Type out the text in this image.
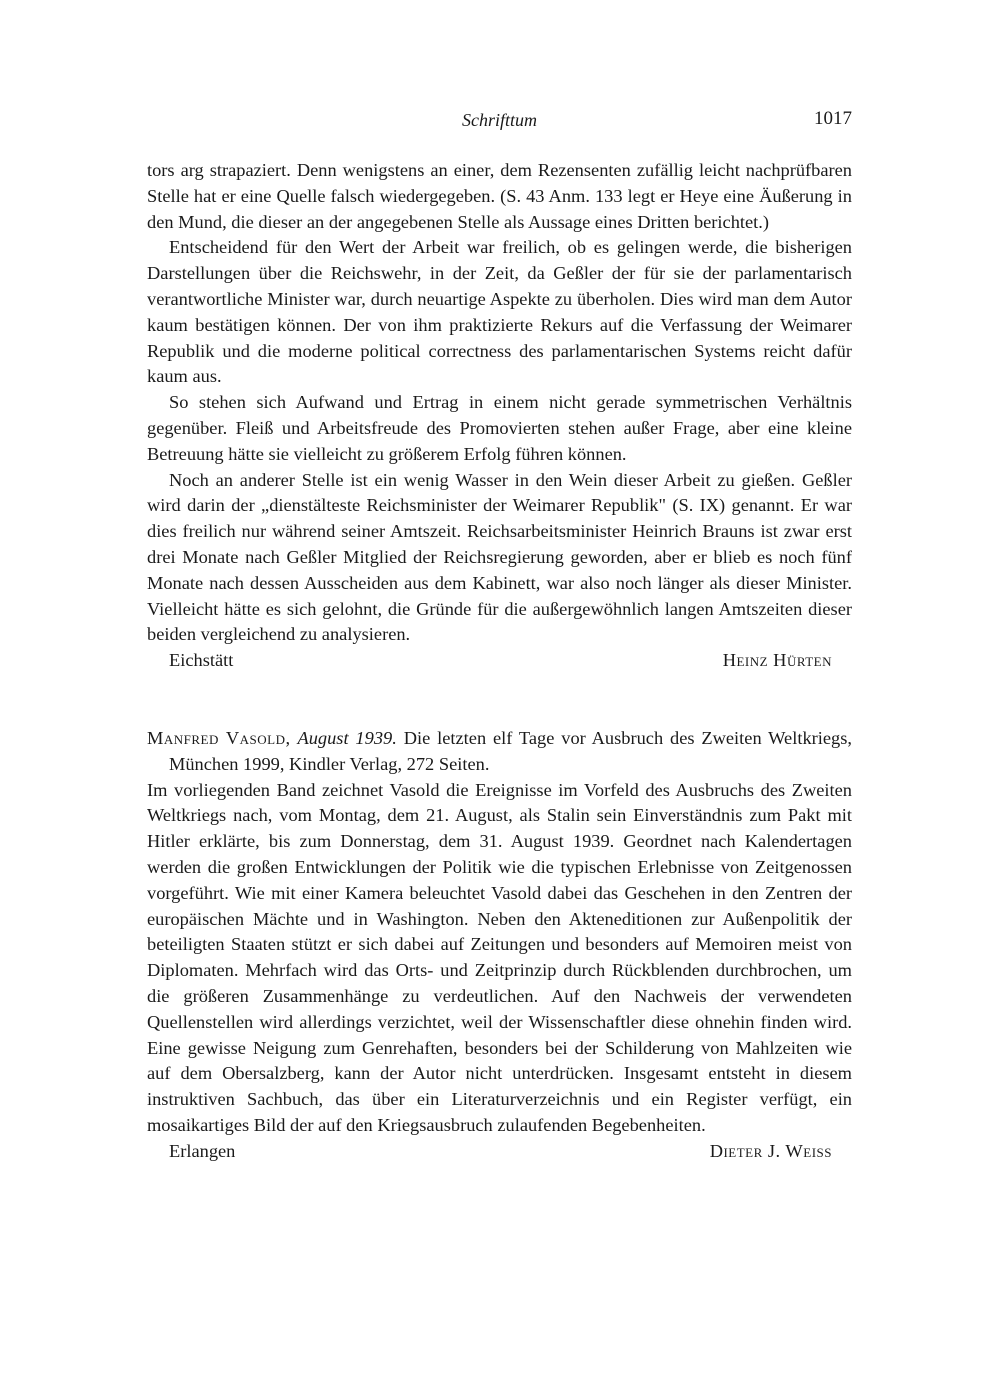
Schrifttum	1017

tors arg strapaziert. Denn wenigstens an einer, dem Rezensenten zufällig leicht nachprüfbaren Stelle hat er eine Quelle falsch wiedergegeben. (S. 43 Anm. 133 legt er Heye eine Äußerung in den Mund, die dieser an der angegebenen Stelle als Aussage eines Dritten berichtet.)

Entscheidend für den Wert der Arbeit war freilich, ob es gelingen werde, die bisherigen Darstellungen über die Reichswehr, in der Zeit, da Geßler der für sie der parlamentarisch verantwortliche Minister war, durch neuartige Aspekte zu überholen. Dies wird man dem Autor kaum bestätigen können. Der von ihm praktizierte Rekurs auf die Verfassung der Weimarer Republik und die moderne political correctness des parlamentarischen Systems reicht dafür kaum aus.

So stehen sich Aufwand und Ertrag in einem nicht gerade symmetrischen Verhältnis gegenüber. Fleiß und Arbeitsfreude des Promovierten stehen außer Frage, aber eine kleine Betreuung hätte sie vielleicht zu größerem Erfolg führen können.

Noch an anderer Stelle ist ein wenig Wasser in den Wein dieser Arbeit zu gießen. Geßler wird darin der „dienstälteste Reichsminister der Weimarer Republik" (S. IX) genannt. Er war dies freilich nur während seiner Amtszeit. Reichsarbeitsminister Heinrich Brauns ist zwar erst drei Monate nach Geßler Mitglied der Reichsregierung geworden, aber er blieb es noch fünf Monate nach dessen Ausscheiden aus dem Kabinett, war also noch länger als dieser Minister. Vielleicht hätte es sich gelohnt, die Gründe für die außergewöhnlich langen Amtszeiten dieser beiden vergleichend zu analysieren.

Eichstätt	Heinz Hürten

Manfred Vasold, August 1939. Die letzten elf Tage vor Ausbruch des Zweiten Weltkriegs, München 1999, Kindler Verlag, 272 Seiten.

Im vorliegenden Band zeichnet Vasold die Ereignisse im Vorfeld des Ausbruchs des Zweiten Weltkriegs nach, vom Montag, dem 21. August, als Stalin sein Einverständnis zum Pakt mit Hitler erklärte, bis zum Donnerstag, dem 31. August 1939. Geordnet nach Kalendertagen werden die großen Entwicklungen der Politik wie die typischen Erlebnisse von Zeitgenossen vorgeführt. Wie mit einer Kamera beleuchtet Vasold dabei das Geschehen in den Zentren der europäischen Mächte und in Washington. Neben den Akteneditionen zur Außenpolitik der beteiligten Staaten stützt er sich dabei auf Zeitungen und besonders auf Memoiren meist von Diplomaten. Mehrfach wird das Orts- und Zeitprinzip durch Rückblenden durchbrochen, um die größeren Zusammenhänge zu verdeutlichen. Auf den Nachweis der verwendeten Quellenstellen wird allerdings verzichtet, weil der Wissenschaftler diese ohnehin finden wird. Eine gewisse Neigung zum Genrehaften, besonders bei der Schilderung von Mahlzeiten wie auf dem Obersalzberg, kann der Autor nicht unterdrücken. Insgesamt entsteht in diesem instruktiven Sachbuch, das über ein Literaturverzeichnis und ein Register verfügt, ein mosaikartiges Bild der auf den Kriegsausbruch zulaufenden Begebenheiten.

Erlangen	Dieter J. Weiss
